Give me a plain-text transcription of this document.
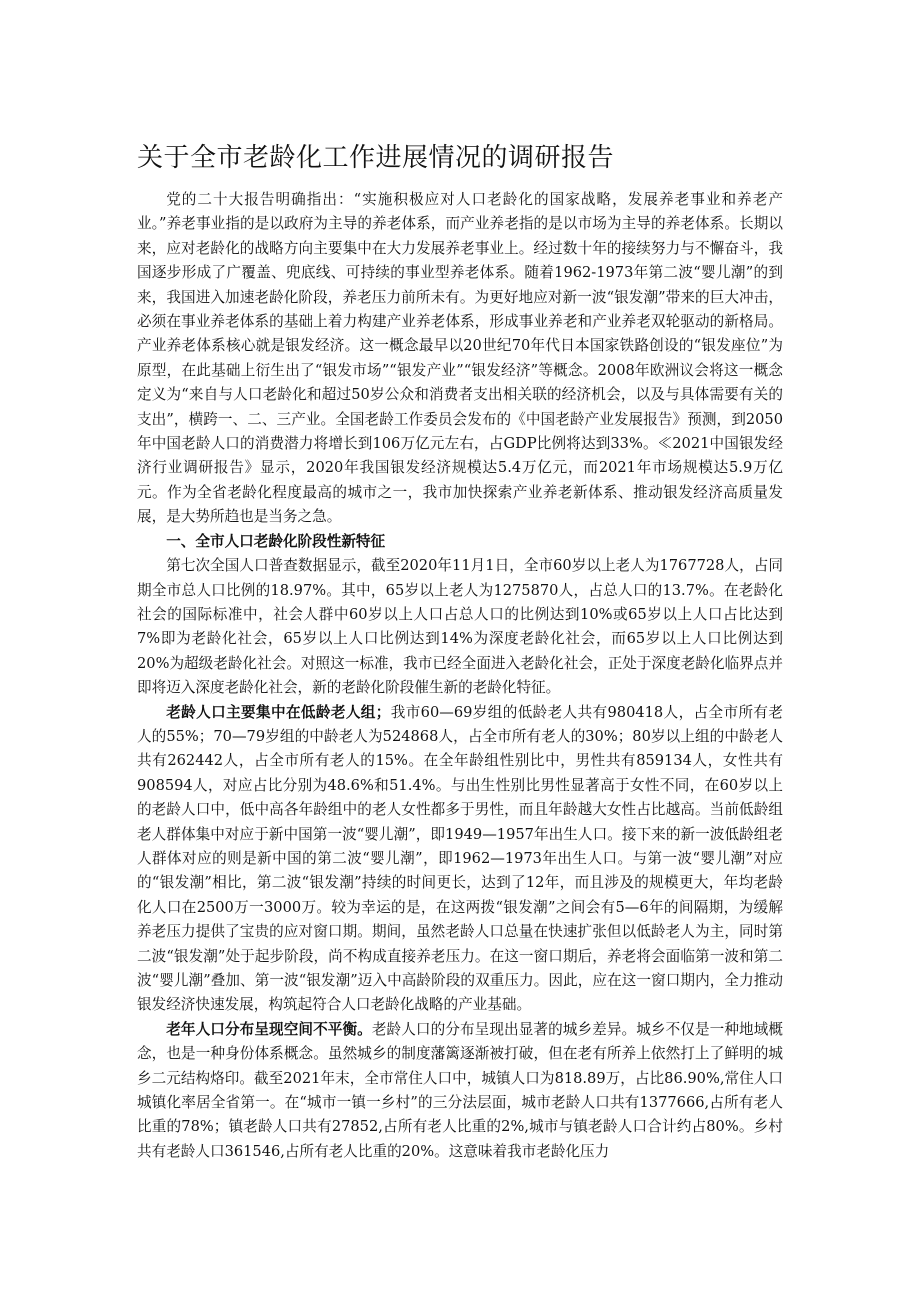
关于全市老龄化工作进展情况的调研报告

党的二十大报告明确指出：“实施积极应对人口老龄化的国家战略，发展养老事业和养老产业。”养老事业指的是以政府为主导的养老体系，而产业养老指的是以市场为主导的养老体系。长期以来，应对老龄化的战略方向主要集中在大力发展养老事业上。经过数十年的接续努力与不懈奋斗，我国逐步形成了广覆盖、兜底线、可持续的事业型养老体系。随着1962-1973年第二波“婴儿潮”的到来，我国进入加速老龄化阶段，养老压力前所未有。为更好地应对新一波“银发潮”带来的巨大冲击，必须在事业养老体系的基础上着力构建产业养老体系，形成事业养老和产业养老双轮驱动的新格局。产业养老体系核心就是银发经济。这一概念最早以20世纪70年代日本国家铁路创设的“银发座位”为原型，在此基础上衍生出了“银发市场”“银发产业”“银发经济”等概念。2008年欧洲议会将这一概念定义为“来自与人口老龄化和超过50岁公众和消费者支出相关联的经济机会，以及与具体需要有关的支出”，横跨一、二、三产业。全国老龄工作委员会发布的《中国老龄产业发展报告》预测，到2050年中国老龄人口的消费潜力将增长到106万亿元左右，占GDP比例将达到33%。≪2021中国银发经济行业调研报告》显示，2020年我国银发经济规模达5.4万亿元，而2021年市场规模达5.9万亿元。作为全省老龄化程度最高的城市之一，我市加快探索产业养老新体系、推动银发经济高质量发展，是大势所趋也是当务之急。

一、全市人口老龄化阶段性新特征

第七次全国人口普查数据显示，截至2020年11月1日，全市60岁以上老人为1767728人，占同期全市总人口比例的18.97%。其中，65岁以上老人为1275870人，占总人口的13.7%。在老龄化社会的国际标准中，社会人群中60岁以上人口占总人口的比例达到10%或65岁以上人口占比达到7%即为老龄化社会，65岁以上人口比例达到14%为深度老龄化社会，而65岁以上人口比例达到20%为超级老龄化社会。对照这一标准，我市已经全面进入老龄化社会，正处于深度老龄化临界点并即将迈入深度老龄化社会，新的老龄化阶段催生新的老龄化特征。

老龄人口主要集中在低龄老人组；我市60—69岁组的低龄老人共有980418人，占全市所有老人的55%；70—79岁组的中龄老人为524868人，占全市所有老人的30%；80岁以上组的中龄老人共有262442人，占全市所有老人的15%。在全年龄组性别比中，男性共有859134人，女性共有908594人，对应占比分别为48.6%和51.4%。与出生性别比男性显著高于女性不同，在60岁以上的老龄人口中，低中高各年龄组中的老人女性都多于男性，而且年龄越大女性占比越高。当前低龄组老人群体集中对应于新中国第一波“婴儿潮”，即1949—1957年出生人口。接下来的新一波低龄组老人群体对应的则是新中国的第二波“婴儿潮”，即1962—1973年出生人口。与第一波“婴儿潮”对应的“银发潮”相比，第二波“银发潮”持续的时间更长，达到了12年，而且涉及的规模更大，年均老龄化人口在2500万一3000万。较为幸运的是，在这两拨“银发潮”之间会有5—6年的间隔期，为缓解养老压力提供了宝贵的应对窗口期。期间，虽然老龄人口总量在快速扩张但以低龄老人为主，同时第二波“银发潮”处于起步阶段，尚不构成直接养老压力。在这一窗口期后，养老将会面临第一波和第二波“婴儿潮”叠加、第一波“银发潮”迈入中高龄阶段的双重压力。因此，应在这一窗口期内，全力推动银发经济快速发展，构筑起符合人口老龄化战略的产业基础。

老年人口分布呈现空间不平衡。老龄人口的分布呈现出显著的城乡差异。城乡不仅是一种地域概念，也是一种身份体系概念。虽然城乡的制度藩篱逐渐被打破，但在老有所养上依然打上了鲜明的城乡二元结构烙印。截至2021年末，全市常住人口中，城镇人口为818.89万，占比86.90%,常住人口城镇化率居全省第一。在“城市一镇一乡村”的三分法层面，城市老龄人口共有1377666,占所有老人比重的78%；镇老龄人口共有27852,占所有老人比重的2%,城市与镇老龄人口合计约占80%。乡村共有老龄人口361546,占所有老人比重的20%。这意味着我市老龄化压力
